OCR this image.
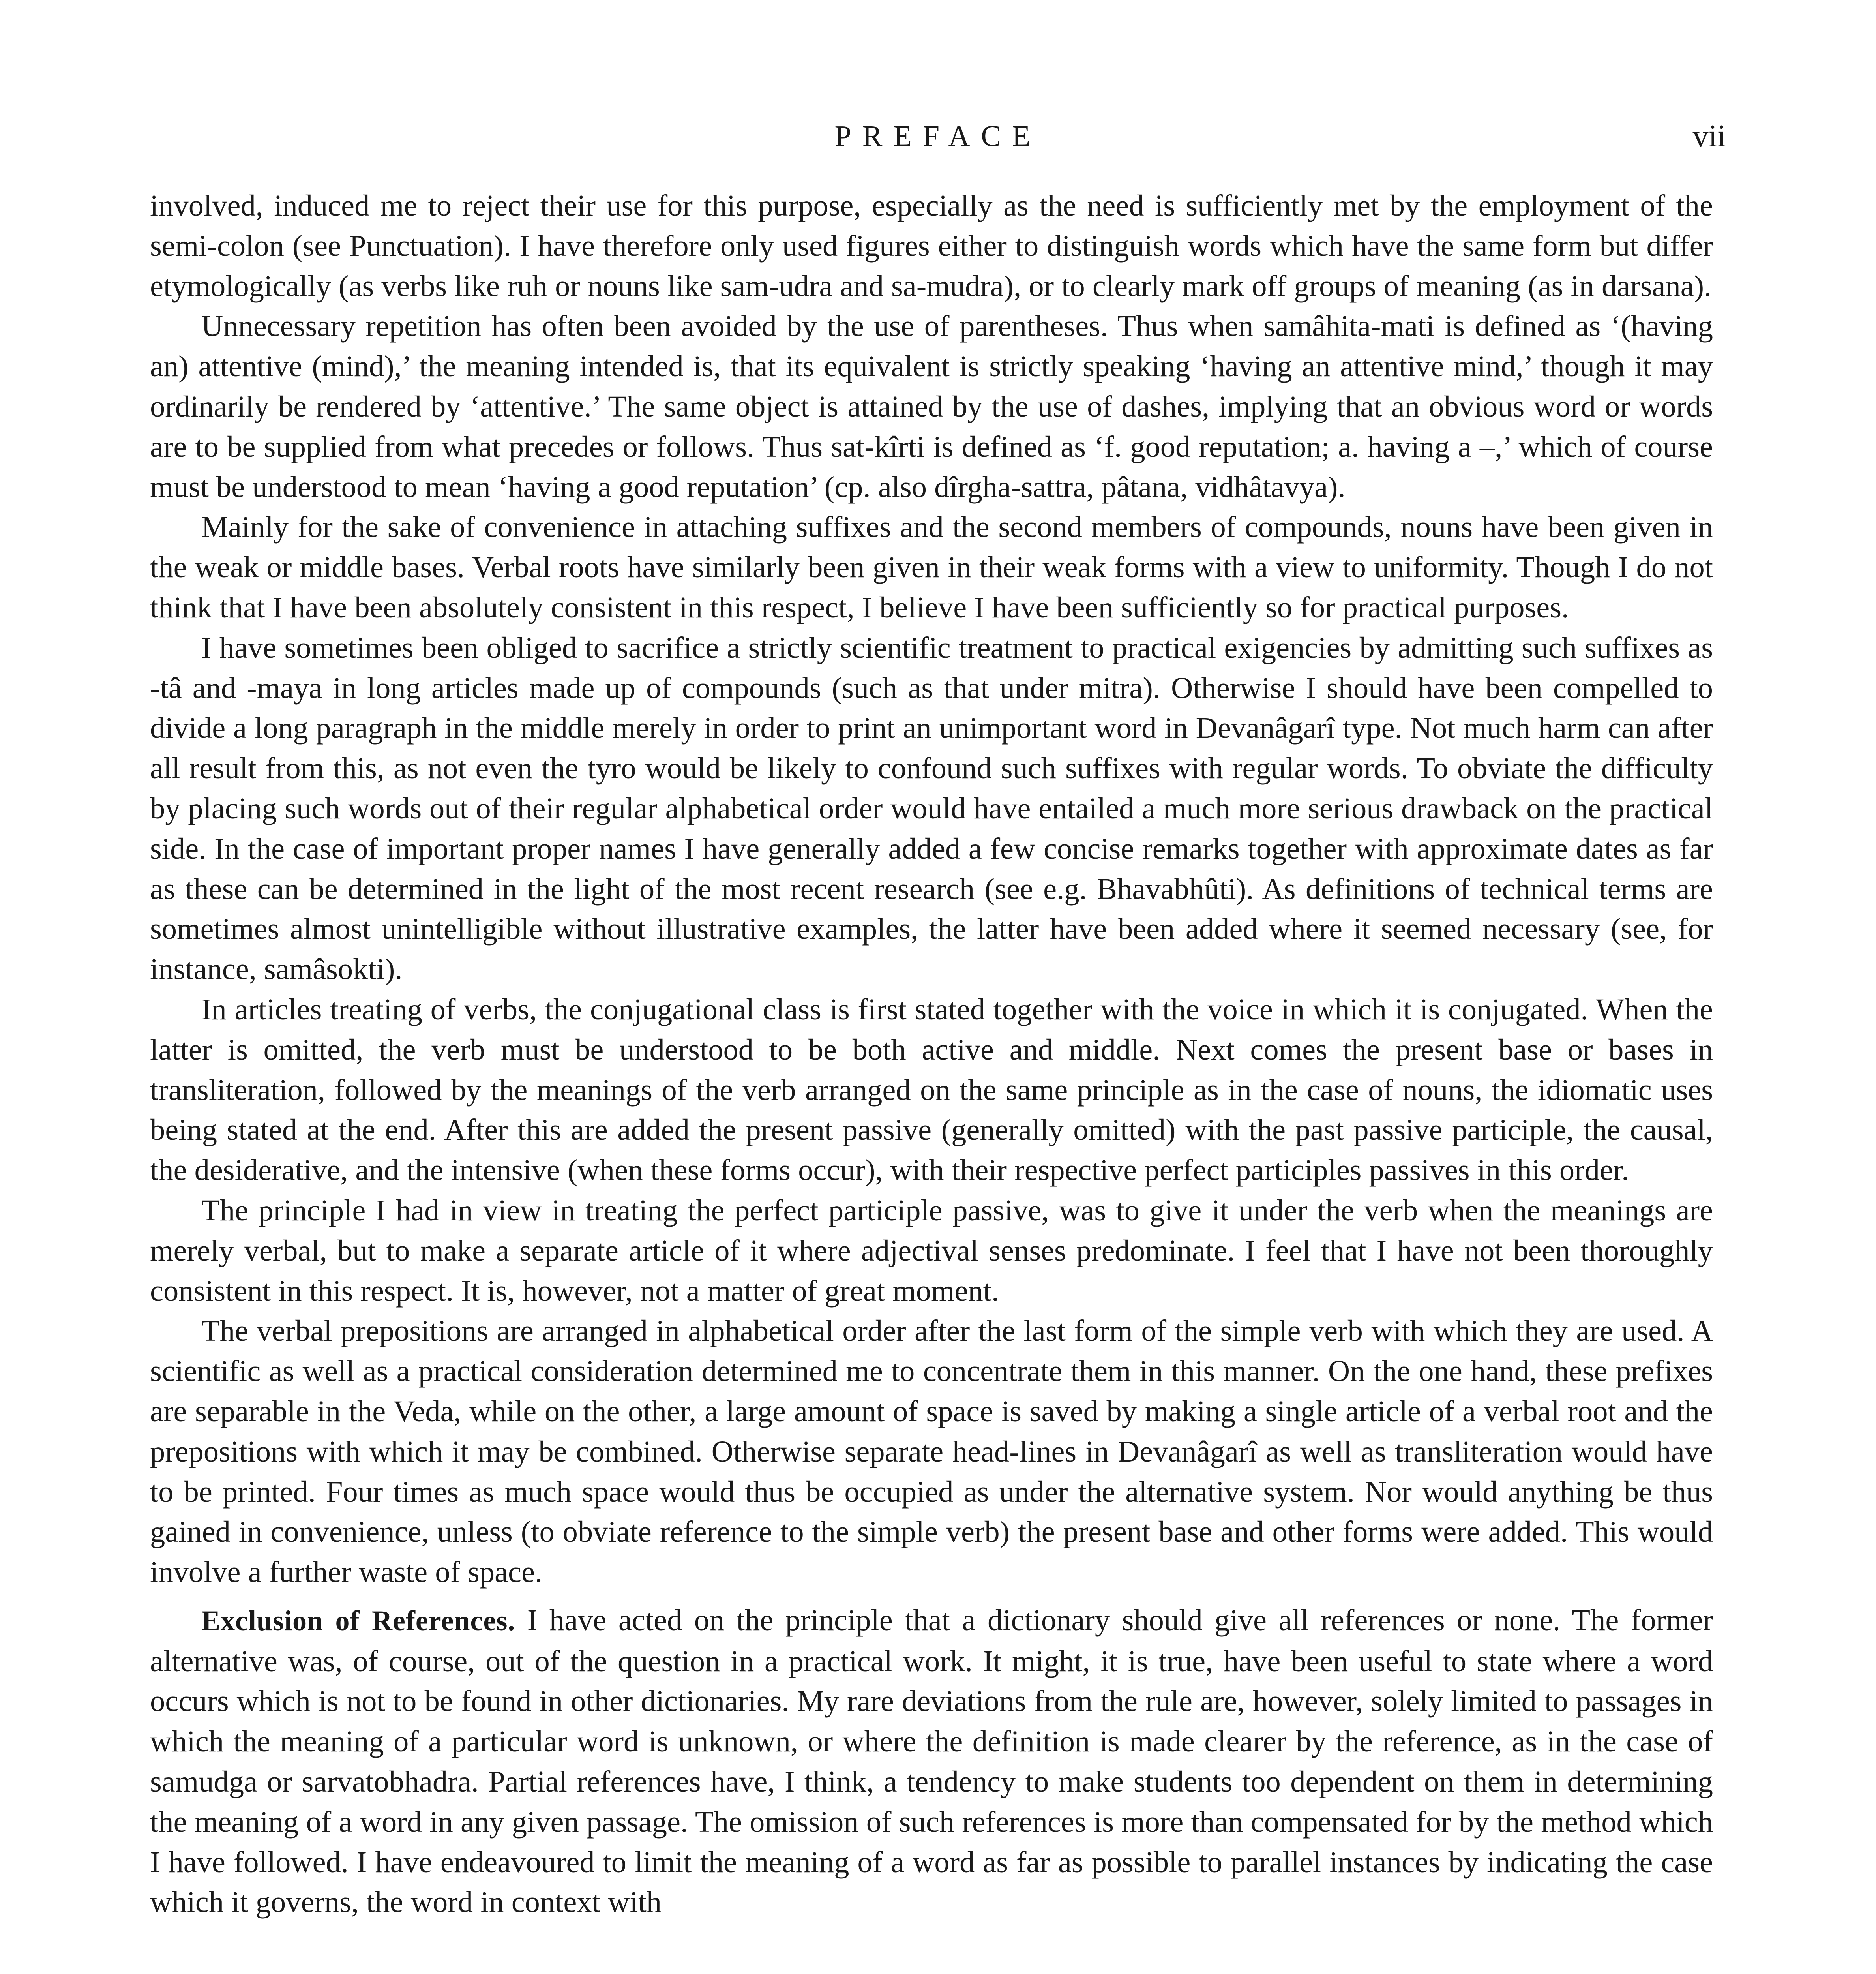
PREFACE	vii

involved, induced me to reject their use for this purpose, especially as the need is sufficiently met by the employment of the semi-colon (see Punctuation). I have therefore only used figures either to distinguish words which have the same form but differ etymologically (as verbs like ruh or nouns like sam-udra and sa-mudra), or to clearly mark off groups of meaning (as in darsana).

Unnecessary repetition has often been avoided by the use of parentheses. Thus when samâhita-mati is defined as ‘(having an) attentive (mind),’ the meaning intended is, that its equivalent is strictly speaking ‘having an attentive mind,’ though it may ordinarily be rendered by ‘attentive.’ The same object is attained by the use of dashes, implying that an obvious word or words are to be supplied from what precedes or follows. Thus sat-kîrti is defined as ‘f. good reputation; a. having a –,’ which of course must be understood to mean ‘having a good reputation’ (cp. also dîrgha-sattra, pâtana, vidhâtavya).

Mainly for the sake of convenience in attaching suffixes and the second members of compounds, nouns have been given in the weak or middle bases. Verbal roots have similarly been given in their weak forms with a view to uniformity. Though I do not think that I have been absolutely consistent in this respect, I believe I have been sufficiently so for practical purposes.

I have sometimes been obliged to sacrifice a strictly scientific treatment to practical exigencies by admitting such suffixes as -tâ and -maya in long articles made up of compounds (such as that under mitra). Otherwise I should have been compelled to divide a long paragraph in the middle merely in order to print an unimportant word in Devanâgarî type. Not much harm can after all result from this, as not even the tyro would be likely to confound such suffixes with regular words. To obviate the difficulty by placing such words out of their regular alphabetical order would have entailed a much more serious drawback on the practical side. In the case of important proper names I have generally added a few concise remarks together with approximate dates as far as these can be determined in the light of the most recent research (see e.g. Bhavabhûti). As definitions of technical terms are sometimes almost unintelligible without illustrative examples, the latter have been added where it seemed necessary (see, for instance, samâsokti).

In articles treating of verbs, the conjugational class is first stated together with the voice in which it is conjugated. When the latter is omitted, the verb must be understood to be both active and middle. Next comes the present base or bases in transliteration, followed by the meanings of the verb arranged on the same principle as in the case of nouns, the idiomatic uses being stated at the end. After this are added the present passive (generally omitted) with the past passive participle, the causal, the desiderative, and the intensive (when these forms occur), with their respective perfect participles passives in this order.

The principle I had in view in treating the perfect participle passive, was to give it under the verb when the meanings are merely verbal, but to make a separate article of it where adjectival senses predominate. I feel that I have not been thoroughly consistent in this respect. It is, however, not a matter of great moment.

The verbal prepositions are arranged in alphabetical order after the last form of the simple verb with which they are used. A scientific as well as a practical consideration determined me to concentrate them in this manner. On the one hand, these prefixes are separable in the Veda, while on the other, a large amount of space is saved by making a single article of a verbal root and the prepositions with which it may be combined. Otherwise separate head-lines in Devanâgarî as well as transliteration would have to be printed. Four times as much space would thus be occupied as under the alternative system. Nor would anything be thus gained in convenience, unless (to obviate reference to the simple verb) the present base and other forms were added. This would involve a further waste of space.

Exclusion of References. I have acted on the principle that a dictionary should give all references or none. The former alternative was, of course, out of the question in a practical work. It might, it is true, have been useful to state where a word occurs which is not to be found in other dictionaries. My rare deviations from the rule are, however, solely limited to passages in which the meaning of a particular word is unknown, or where the definition is made clearer by the reference, as in the case of samudga or sarvatobhadra. Partial references have, I think, a tendency to make students too dependent on them in determining the meaning of a word in any given passage. The omission of such references is more than compensated for by the method which I have followed. I have endeavoured to limit the meaning of a word as far as possible to parallel instances by indicating the case which it governs, the word in context with
